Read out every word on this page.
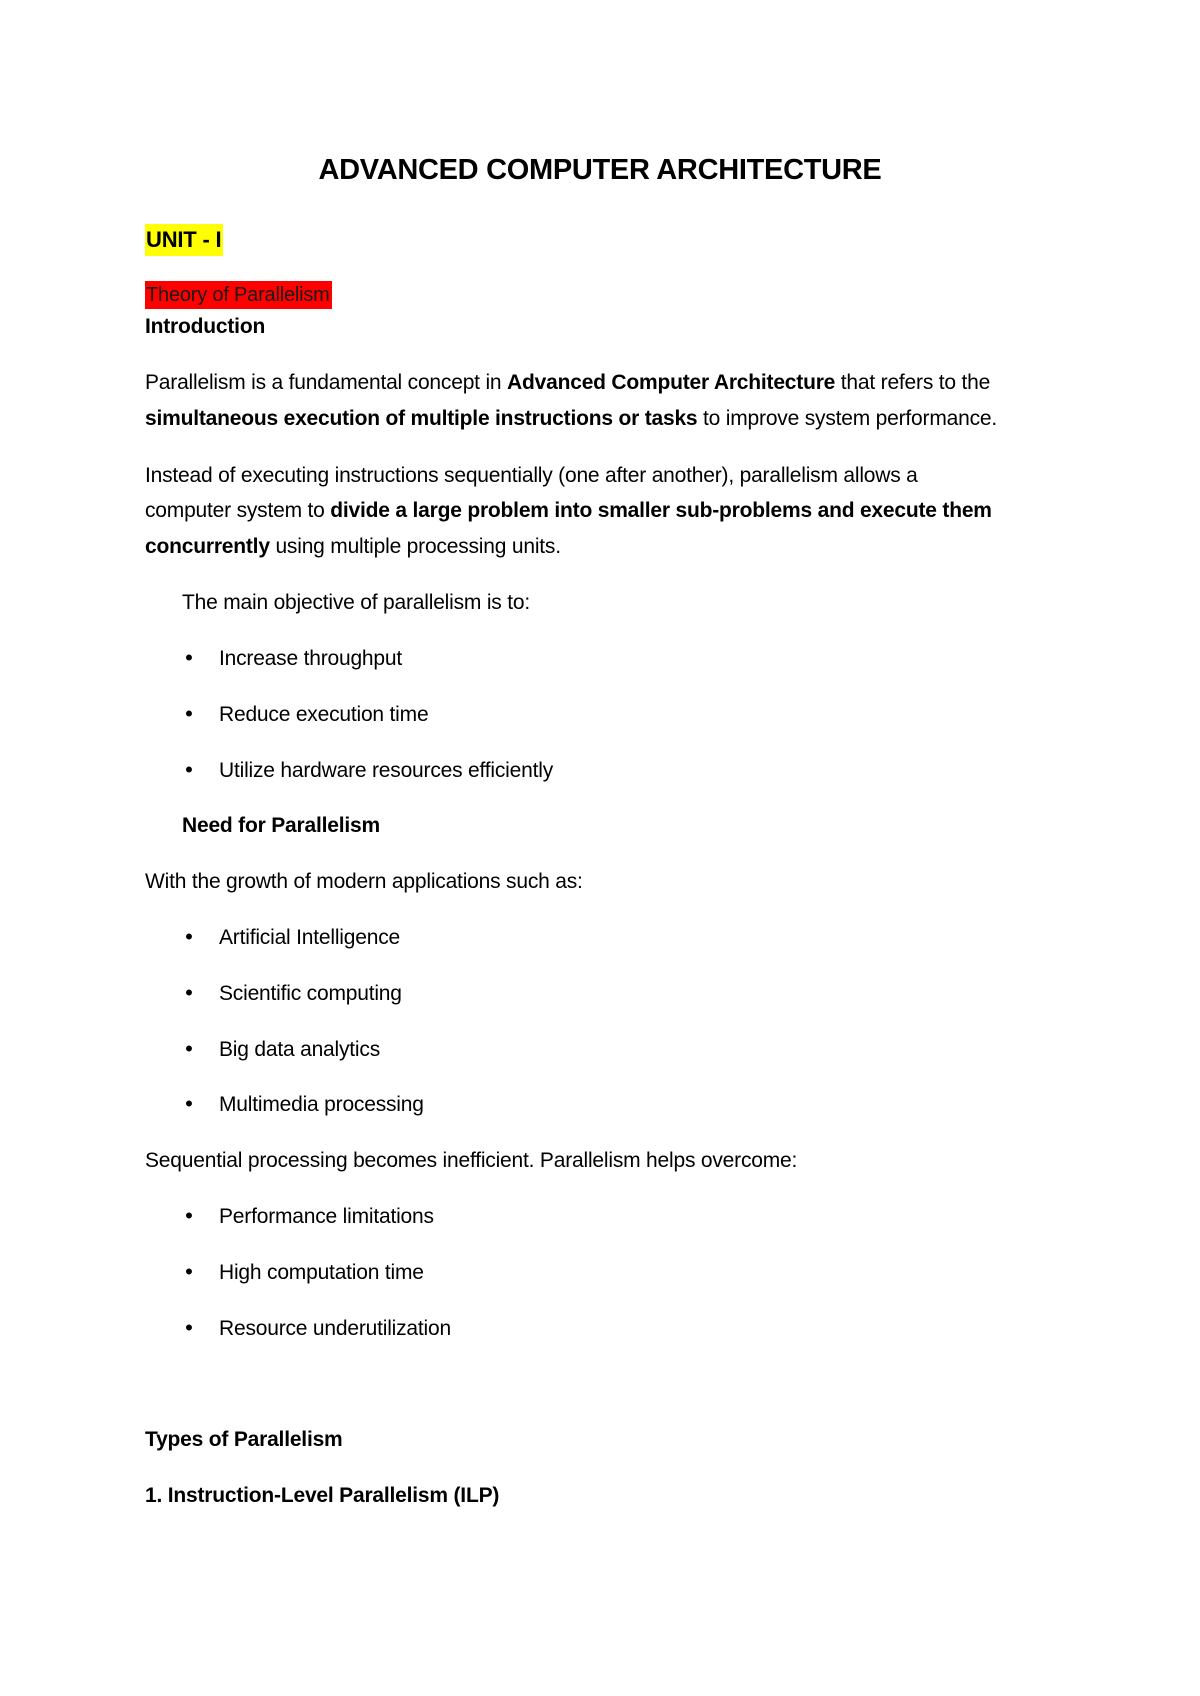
ADVANCED COMPUTER ARCHITECTURE
UNIT - I
Theory of Parallelism
Introduction
Parallelism is a fundamental concept in Advanced Computer Architecture that refers to the
simultaneous execution of multiple instructions or tasks to improve system performance.
Instead of executing instructions sequentially (one after another), parallelism allows a
computer system to divide a large problem into smaller sub-problems and execute them
concurrently using multiple processing units.
The main objective of parallelism is to:
• Increase throughput
• Reduce execution time
• Utilize hardware resources efficiently
Need for Parallelism
With the growth of modern applications such as:
• Artificial Intelligence
• Scientific computing
• Big data analytics
• Multimedia processing
Sequential processing becomes inefficient. Parallelism helps overcome:
• Performance limitations
• High computation time
• Resource underutilization
Types of Parallelism
1. Instruction-Level Parallelism (ILP)
